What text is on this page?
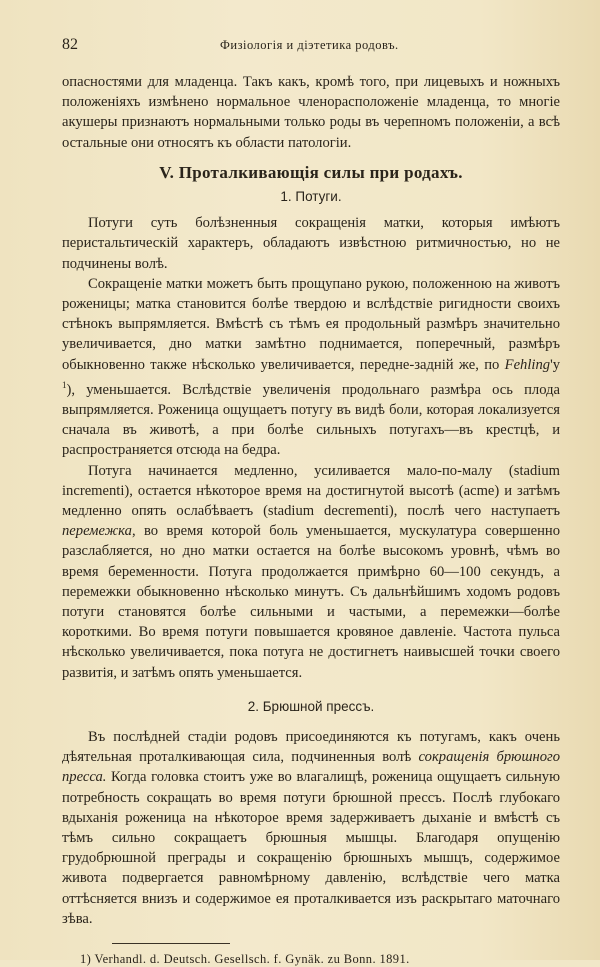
82	Физiологiя и дiэтетика родовъ.

опасностями для младенца. Такъ какъ, кромѣ того, при лицевыхъ и ножныхъ положенiяхъ измѣнено нормальное членорасположенiе младенца, то многiе акушеры признаютъ нормальными только роды въ черепномъ положенiи, а всѣ остальные они относятъ къ области патологiи.

V. Проталкивающiя силы при родахъ.
1. Потуги.

Потуги суть болѣзненныя сокращенiя матки, которыя имѣютъ перистальтическiй характеръ, обладаютъ извѣстною ритмичностью, но не подчинены волѣ.

Сокращенiе матки можетъ быть прощупано рукою, положенною на животъ роженицы; матка становится болѣе твердою и вслѣдствiе ригидности своихъ стѣнокъ выпрямляется. Вмѣстѣ съ тѣмъ ея продольный размѣръ значительно увеличивается, дно матки замѣтно поднимается, поперечный, размѣръ обыкновенно также нѣсколько увеличивается, передне-заднiй же, по Fehling'у $^1$), уменьшается. Вслѣдствiе увеличенiя продольнаго размѣра ось плода выпрямляется. Роженица ощущаетъ потугу въ видѣ боли, которая локализуется сначала въ животѣ, а при болѣе сильныхъ потугахъ—въ крестцѣ, и распространяется отсюда на бедра.

Потуга начинается медленно, усиливается мало-по-малу (stadium incrementi), остается нѣкоторое время на достигнутой высотѣ (acme) и затѣмъ медленно опять ослабѣваетъ (stadium decrementi), послѣ чего наступаетъ перемежка, во время которой боль уменьшается, мускулатура совершенно разслабляется, но дно матки остается на болѣе высокомъ уровнѣ, чѣмъ во время беременности. Потуга продолжается примѣрно 60—100 секундъ, а перемежки обыкновенно нѣсколько минутъ. Съ дальнѣйшимъ ходомъ родовъ потуги становятся болѣе сильными и частыми, а перемежки—болѣе короткими. Во время потуги повышается кровяное давленiе. Частота пульса нѣсколько увеличивается, пока потуга не достигнетъ наивысшей точки своего развитiя, и затѣмъ опять уменьшается.

2. Брюшной прессъ.

Въ послѣдней стадiи родовъ присоединяются къ потугамъ, какъ очень дѣятельная проталкивающая сила, подчиненныя волѣ сокращенiя брюшного пресса. Когда головка стоитъ уже во влагалищѣ, роженица ощущаетъ сильную потребность сокращать во время потуги брюшной прессъ. Послѣ глубокаго вдыханiя роженица на нѣкоторое время задерживаетъ дыханiе и вмѣстѣ съ тѣмъ сильно сокращаетъ брюшныя мышцы. Благодаря опущенiю грудобрюшной преграды и сокращенiю брюшныхъ мышцъ, содержимое живота подвергается равномѣрному давленiю, вслѣдствiе чего матка оттѣсняется внизъ и содержимое ея проталкивается изъ раскрытаго маточнаго зѣва.

1) Verhandl. d. Deutsch. Gesellsch. f. Gynäk. zu Bonn. 1891.
